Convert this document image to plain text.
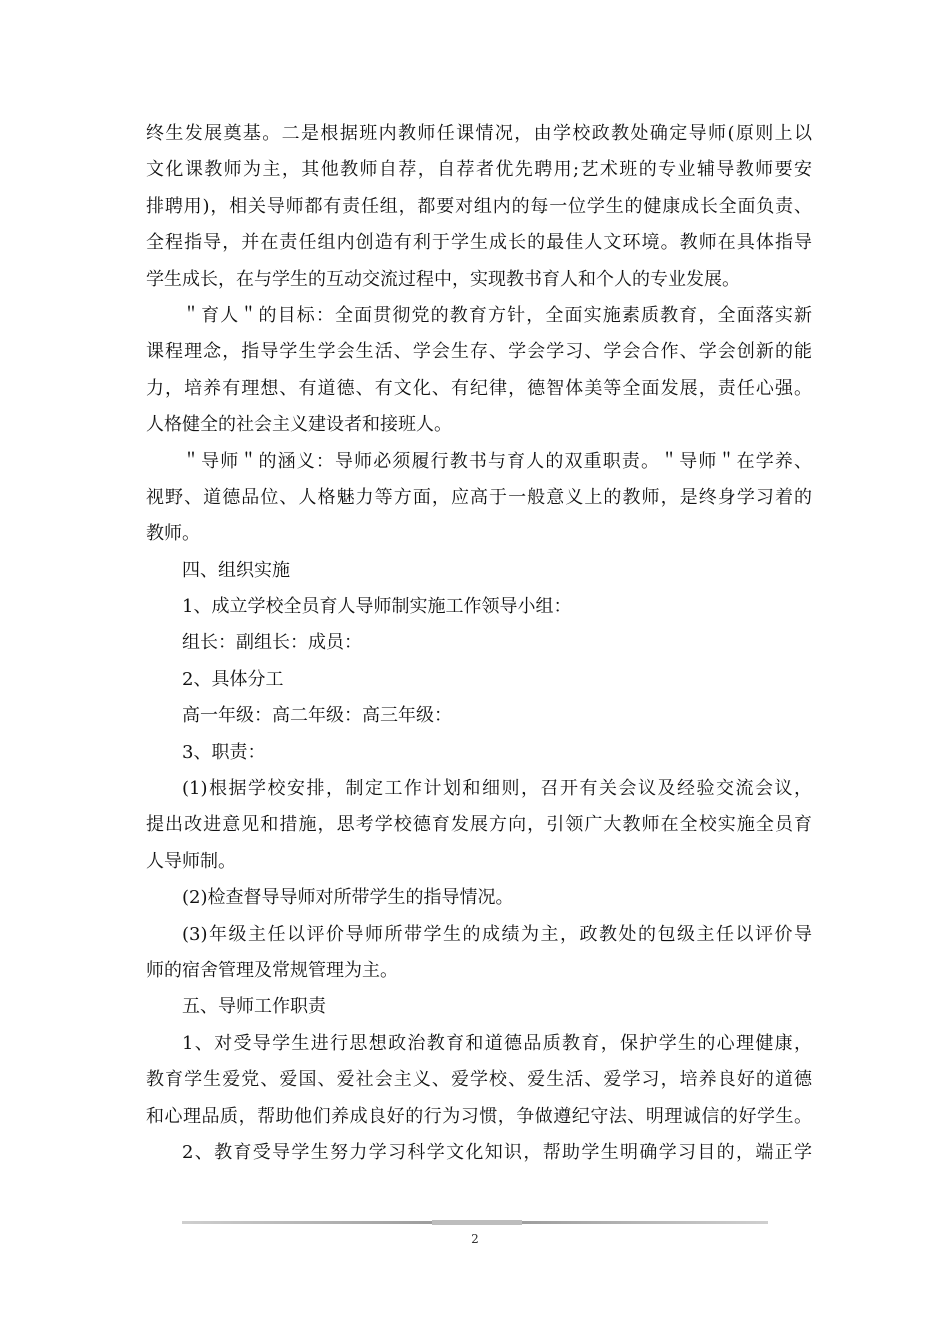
终生发展奠基。二是根据班内教师任课情况，由学校政教处确定导师(原则上以
文化课教师为主，其他教师自荐，自荐者优先聘用;艺术班的专业辅导教师要安
排聘用)，相关导师都有责任组，都要对组内的每一位学生的健康成长全面负责、
全程指导，并在责任组内创造有利于学生成长的最佳人文环境。教师在具体指导
学生成长，在与学生的互动交流过程中，实现教书育人和个人的专业发展。
＂育人＂的目标：全面贯彻党的教育方针，全面实施素质教育，全面落实新
课程理念，指导学生学会生活、学会生存、学会学习、学会合作、学会创新的能
力，培养有理想、有道德、有文化、有纪律，德智体美等全面发展，责任心强。
人格健全的社会主义建设者和接班人。
＂导师＂的涵义：导师必须履行教书与育人的双重职责。＂导师＂在学养、
视野、道德品位、人格魅力等方面，应高于一般意义上的教师，是终身学习着的
教师。
四、组织实施
1、成立学校全员育人导师制实施工作领导小组：
组长：副组长：成员：
2、具体分工
高一年级：高二年级：高三年级：
3、职责：
(1)根据学校安排，制定工作计划和细则，召开有关会议及经验交流会议，
提出改进意见和措施，思考学校德育发展方向，引领广大教师在全校实施全员育
人导师制。
(2)检查督导导师对所带学生的指导情况。
(3)年级主任以评价导师所带学生的成绩为主，政教处的包级主任以评价导
师的宿舍管理及常规管理为主。
五、导师工作职责
1、对受导学生进行思想政治教育和道德品质教育，保护学生的心理健康，
教育学生爱党、爱国、爱社会主义、爱学校、爱生活、爱学习，培养良好的道德
和心理品质，帮助他们养成良好的行为习惯，争做遵纪守法、明理诚信的好学生。
2、教育受导学生努力学习科学文化知识，帮助学生明确学习目的，端正学
2
